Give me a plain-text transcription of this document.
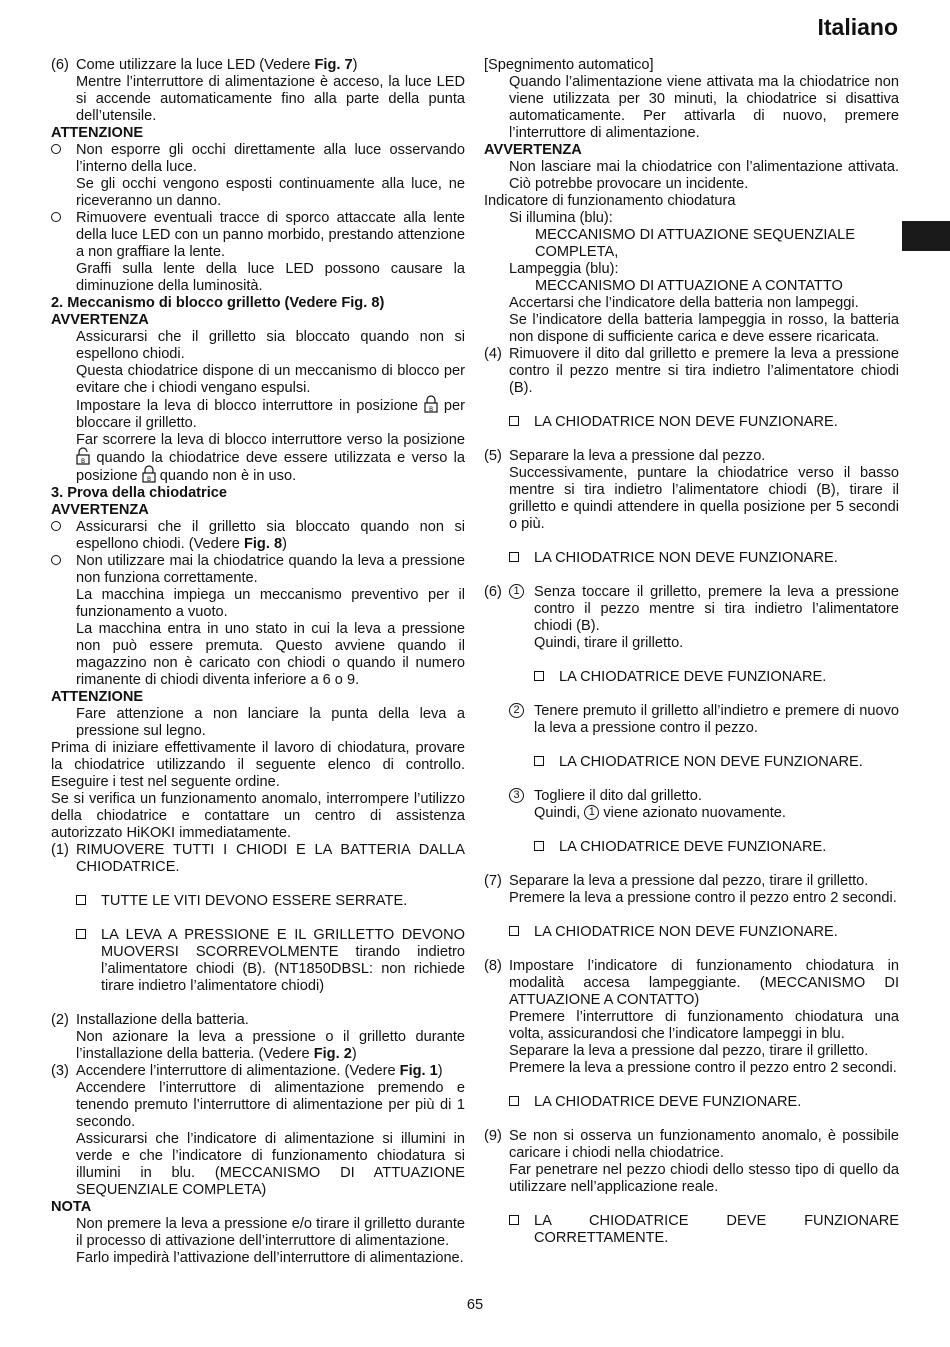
Italiano
(6) Come utilizzare la luce LED (Vedere Fig. 7)

Mentre l’interruttore di alimentazione è acceso, la luce LED si accende automaticamente fino alla parte della punta dell’utensile.

ATTENZIONE

Non esporre gli occhi direttamente alla luce osservando l’interno della luce.

Se gli occhi vengono esposti continuamente alla luce, ne riceveranno un danno.

Rimuovere eventuali tracce di sporco attaccate alla lente della luce LED con un panno morbido, prestando attenzione a non graffiare la lente.

Graffi sulla lente della luce LED possono causare la diminuzione della luminosità.

2. Meccanismo di blocco grilletto (Vedere Fig. 8)

AVVERTENZA

Assicurarsi che il grilletto sia bloccato quando non si espellono chiodi.

Questa chiodatrice dispone di un meccanismo di blocco per evitare che i chiodi vengano espulsi.

Impostare la leva di blocco interruttore in posizione B per bloccare il grilletto.

Far scorrere la leva di blocco interruttore verso la posizione
B quando la chiodatrice deve essere utilizzata e verso la posizione B quando non è in uso.

3. Prova della chiodatrice

AVVERTENZA

Assicurarsi che il grilletto sia bloccato quando non si espellono chiodi. (Vedere Fig. 8)
Non utilizzare mai la chiodatrice quando la leva a pressione non funziona correttamente.

La macchina impiega un meccanismo preventivo per il funzionamento a vuoto.

La macchina entra in uno stato in cui la leva a pressione non può essere premuta. Questo avviene quando il magazzino non è caricato con chiodi o quando il numero rimanente di chiodi diventa inferiore a 6 o 9.

ATTENZIONE

Fare attenzione a non lanciare la punta della leva a pressione sul legno.

Prima di iniziare effettivamente il lavoro di chiodatura, provare la chiodatrice utilizzando il seguente elenco di controllo. Eseguire i test nel seguente ordine.

Se si verifica un funzionamento anomalo, interrompere l’utilizzo della chiodatrice e contattare un centro di assistenza autorizzato HiKOKI immediatamente.

(1) RIMUOVERE TUTTI I CHIODI E LA BATTERIA DALLA CHIODATRICE.
TUTTE LE VITI DEVONO ESSERE SERRATE.
LA LEVA A PRESSIONE E IL GRILLETTO DEVONO MUOVERSI SCORREVOLMENTE tirando indietro l’alimentatore chiodi (B). (NT1850DBSL: non richiede tirare indietro l’alimentatore chiodi)
(2) Installazione della batteria.

Non azionare la leva a pressione o il grilletto durante l’installazione della batteria. (Vedere Fig. 2)

(3) Accendere l’interruttore di alimentazione. (Vedere Fig. 1)

Accendere l’interruttore di alimentazione premendo e tenendo premuto l’interruttore di alimentazione per più di 1 secondo.

Assicurarsi che l’indicatore di alimentazione si illumini in verde e che l’indicatore di funzionamento chiodatura si illumini in blu. (MECCANISMO DI ATTUAZIONE SEQUENZIALE COMPLETA)

NOTA

Non premere la leva a pressione e/o tirare il grilletto durante il processo di attivazione dell’interruttore di alimentazione.

Farlo impedirà l’attivazione dell’interruttore di alimentazione.

[Spegnimento automatico]

Quando l’alimentazione viene attivata ma la chiodatrice non viene utilizzata per 30 minuti, la chiodatrice si disattiva automaticamente. Per attivarla di nuovo, premere l’interruttore di alimentazione.

AVVERTENZA

Non lasciare mai la chiodatrice con l’alimentazione attivata. Ciò potrebbe provocare un incidente.

Indicatore di funzionamento chiodatura

Si illumina (blu):

MECCANISMO DI ATTUAZIONE SEQUENZIALE COMPLETA,

Lampeggia (blu):

MECCANISMO DI ATTUAZIONE A CONTATTO

Accertarsi che l’indicatore della batteria non lampeggi.

Se l’indicatore della batteria lampeggia in rosso, la batteria non dispone di sufficiente carica e deve essere ricaricata.

(4) Rimuovere il dito dal grilletto e premere la leva a pressione contro il pezzo mentre si tira indietro l’alimentatore chiodi (B).
LA CHIODATRICE NON DEVE FUNZIONARE.
(5) Separare la leva a pressione dal pezzo.

Successivamente, puntare la chiodatrice verso il basso mentre si tira indietro l’alimentatore chiodi (B), tirare il grilletto e quindi attendere in quella posizione per 5 secondi o più.

LA CHIODATRICE NON DEVE FUNZIONARE.
(6)	1 Senza toccare il grilletto, premere la leva a pressione contro il pezzo mentre si tira indietro l’alimentatore chiodi (B).

Quindi, tirare il grilletto.

LA CHIODATRICE DEVE FUNZIONARE.
2 Tenere premuto il grilletto all’indietro e premere di nuovo la leva a pressione contro il pezzo.
LA CHIODATRICE NON DEVE FUNZIONARE.
3 Togliere il dito dal grilletto.

Quindi, 1 viene azionato nuovamente.

LA CHIODATRICE DEVE FUNZIONARE.
(7) Separare la leva a pressione dal pezzo, tirare il grilletto.

Premere la leva a pressione contro il pezzo entro 2 secondi.

LA CHIODATRICE NON DEVE FUNZIONARE.
(8) Impostare l’indicatore di funzionamento chiodatura in modalità accesa lampeggiante. (MECCANISMO DI ATTUAZIONE A CONTATTO)

Premere l’interruttore di funzionamento chiodatura una volta, assicurandosi che l’indicatore lampeggi in blu.

Separare la leva a pressione dal pezzo, tirare il grilletto.

Premere la leva a pressione contro il pezzo entro 2 secondi.

LA CHIODATRICE DEVE FUNZIONARE.
(9) Se non si osserva un funzionamento anomalo, è possibile caricare i chiodi nella chiodatrice.

Far penetrare nel pezzo chiodi dello stesso tipo di quello da utilizzare nell’applicazione reale.

LA CHIODATRICE DEVE FUNZIONARE CORRETTAMENTE.
65
